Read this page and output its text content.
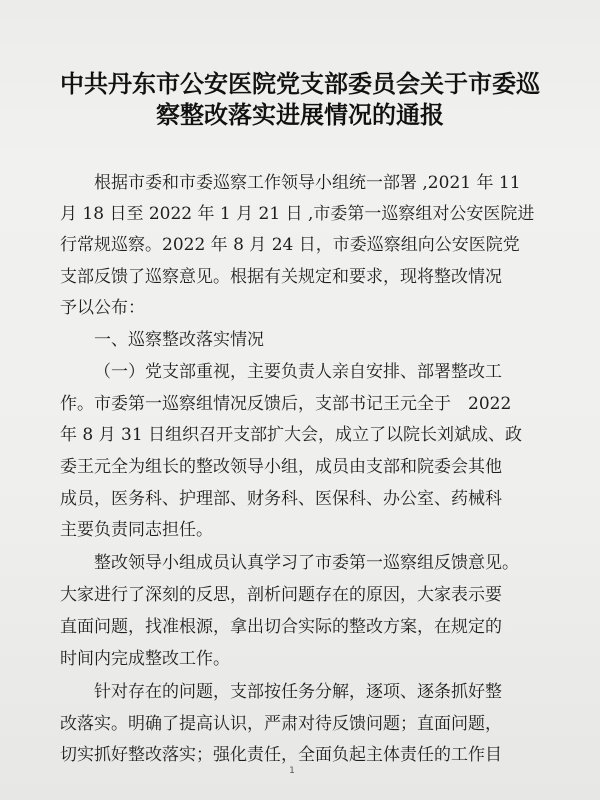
中共丹东市公安医院党支部委员会关于市委巡
察整改落实进展情况的通报
根据市委和市委巡察工作领导小组统一部署 ,2021 年 11
月 18 日至 2022 年 1 月 21 日 ,市委第一巡察组对公安医院进
行常规巡察。2022 年 8 月 24 日，市委巡察组向公安医院党
支部反馈了巡察意见。根据有关规定和要求，现将整改情况
予以公布：
一、巡察整改落实情况
（一）党支部重视，主要负责人亲自安排、部署整改工
作。市委第一巡察组情况反馈后，支部书记王元全于　2022
年 8 月 31 日组织召开支部扩大会，成立了以院长刘斌成、政
委王元全为组长的整改领导小组，成员由支部和院委会其他
成员，医务科、护理部、财务科、医保科、办公室、药械科
主要负责同志担任。
整改领导小组成员认真学习了市委第一巡察组反馈意见。
大家进行了深刻的反思，剖析问题存在的原因，大家表示要
直面问题，找准根源，拿出切合实际的整改方案，在规定的
时间内完成整改工作。
针对存在的问题，支部按任务分解，逐项、逐条抓好整
改落实。明确了提高认识，严肃对待反馈问题；直面问题，
切实抓好整改落实；强化责任，全面负起主体责任的工作目
1
